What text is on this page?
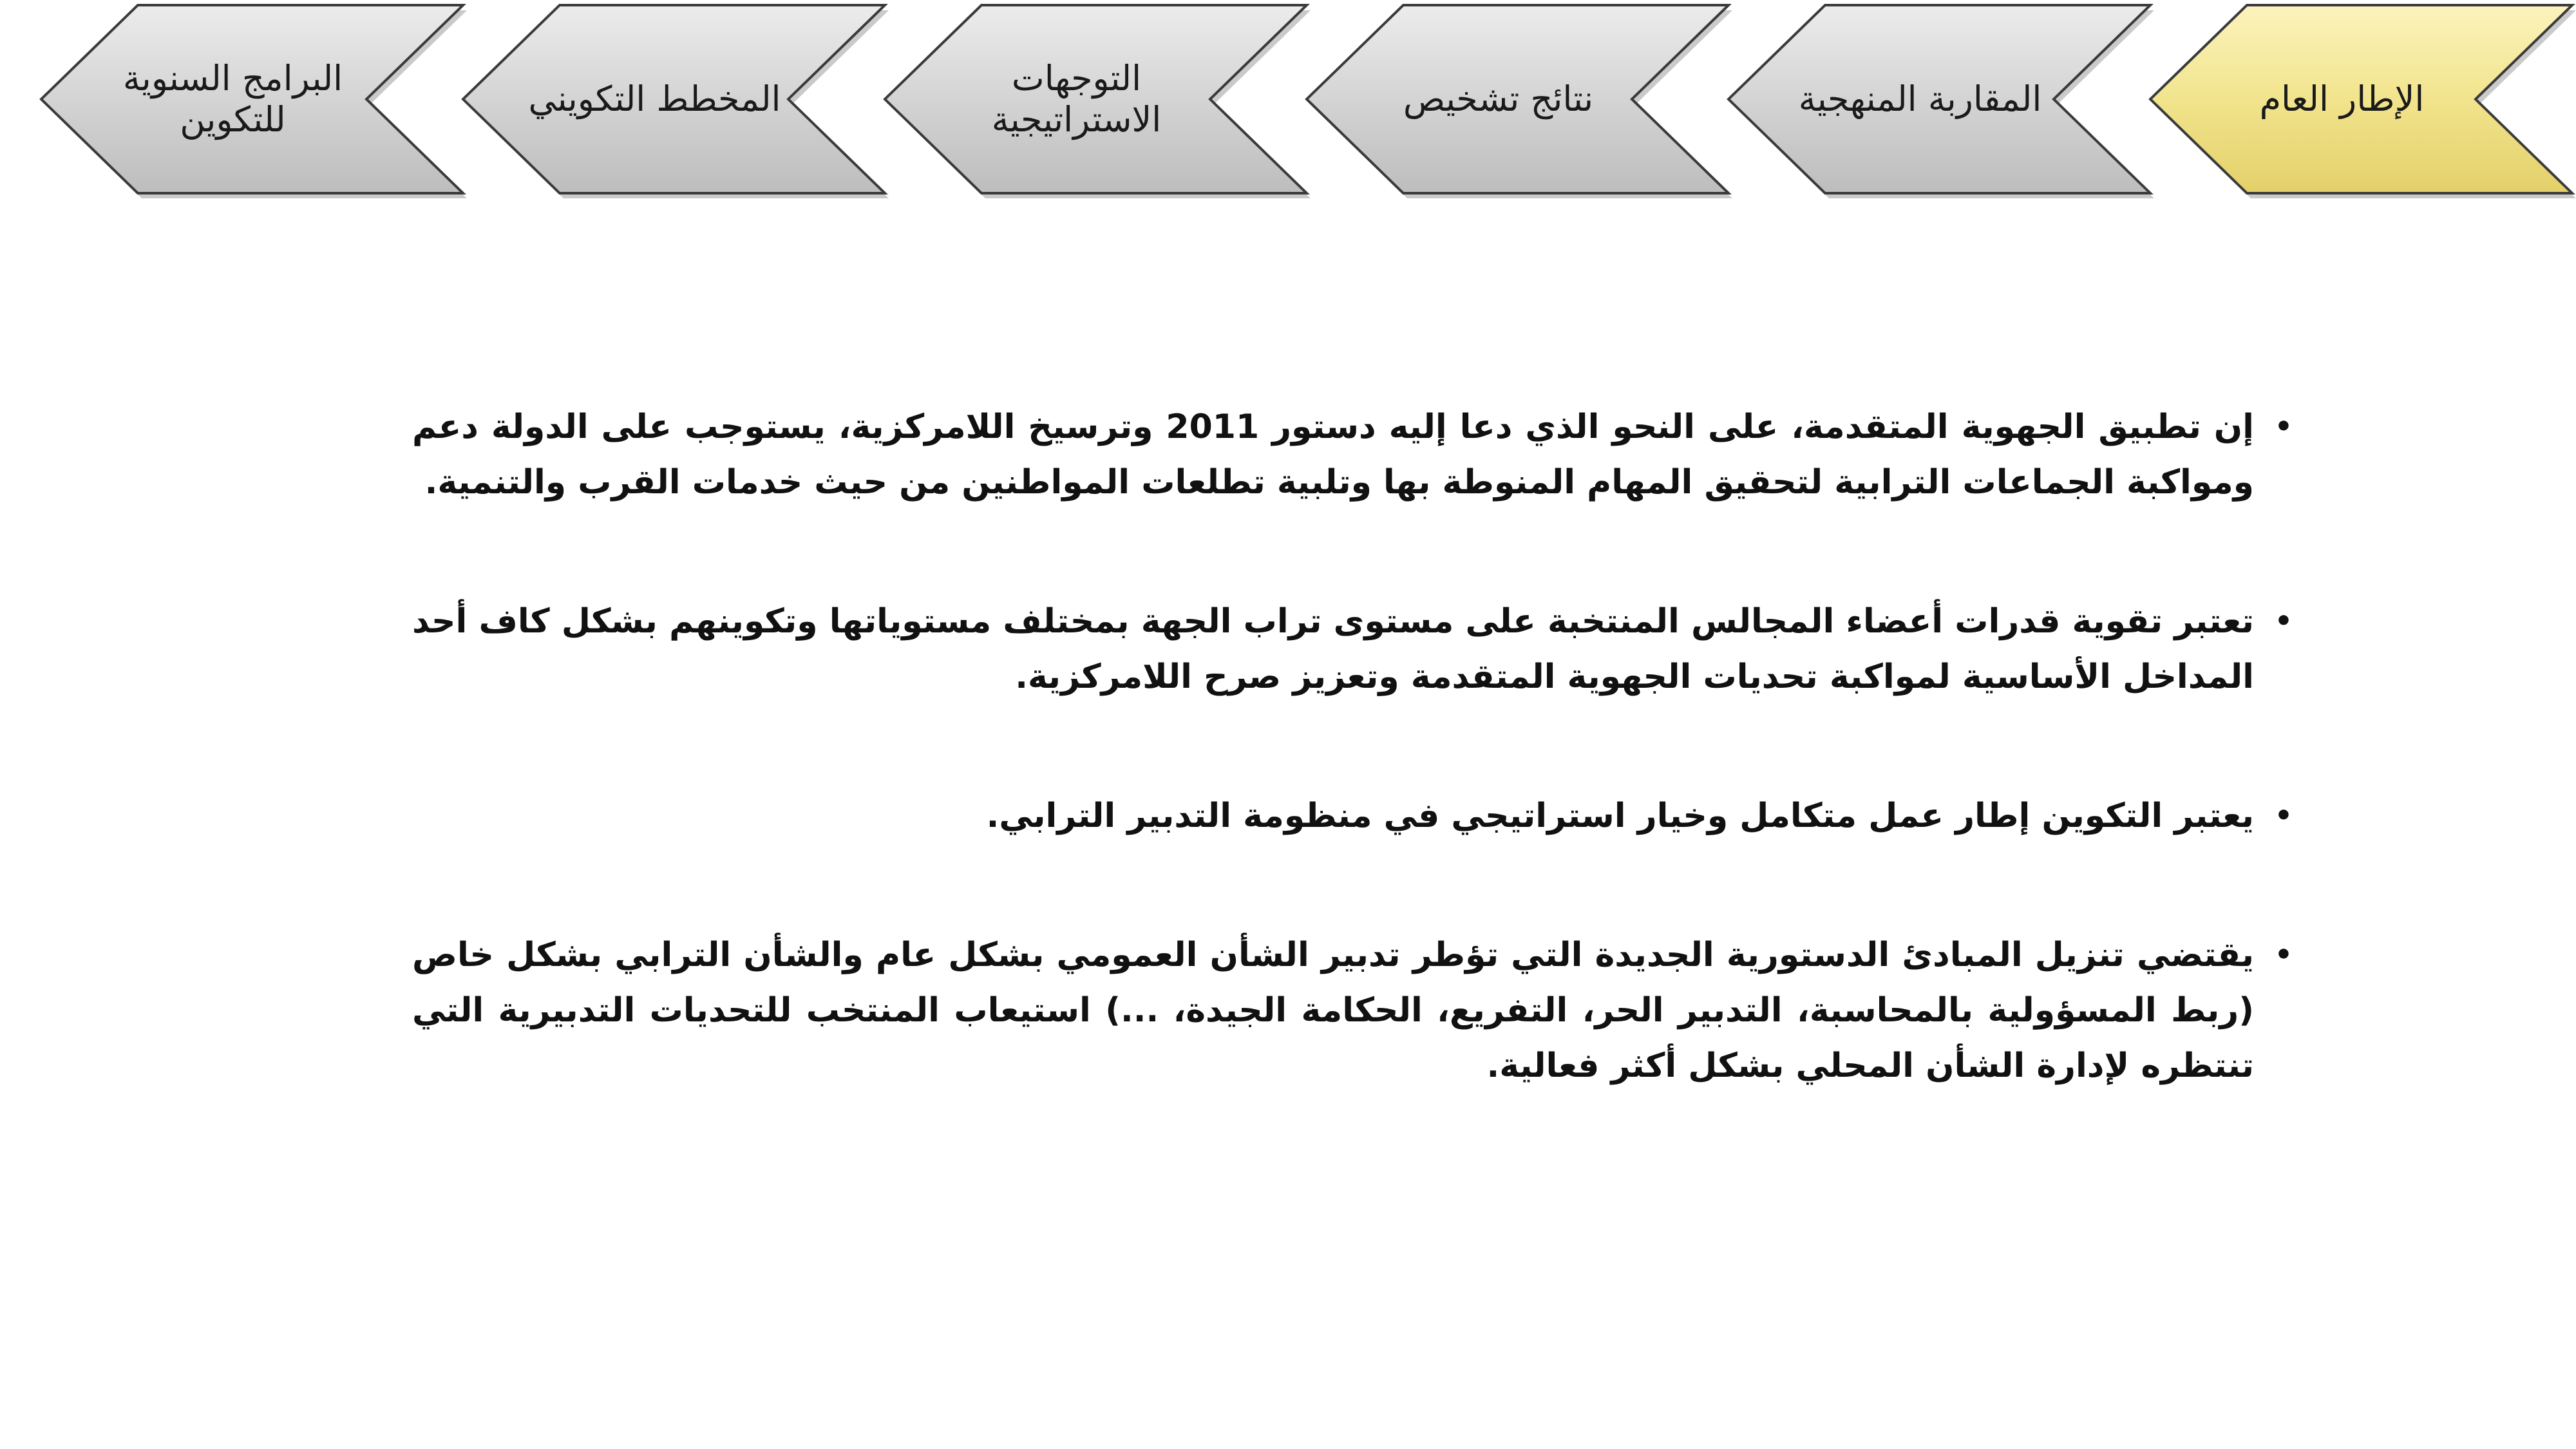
الإطار العام
المقاربة المنهجية
نتائج تشخيص
التوجهات
الاستراتيجية
المخطط التكويني
البرامج السنوية
للتكوين

•
إن تطبيق الجهوية المتقدمة، على النحو الذي دعا إليه دستور 2011 وترسيخ اللامركزية، يستوجب على الدولة دعم ومواكبة الجماعات الترابية لتحقيق المهام المنوطة بها وتلبية تطلعات المواطنين من حيث خدمات القرب والتنمية.

•
تعتبر تقوية قدرات أعضاء المجالس المنتخبة على مستوى تراب الجهة بمختلف مستوياتها وتكوينهم بشكل كاف أحد المداخل الأساسية لمواكبة تحديات الجهوية المتقدمة وتعزيز صرح اللامركزية.

•
يعتبر التكوين إطار عمل متكامل وخيار استراتيجي في منظومة التدبير الترابي.

•
يقتضي تنزيل المبادئ الدستورية الجديدة التي تؤطر تدبير الشأن العمومي بشكل عام والشأن الترابي بشكل خاص (ربط المسؤولية بالمحاسبة، التدبير الحر، التفريع، الحكامة الجيدة، ...) استيعاب المنتخب للتحديات التدبيرية التي تنتظره لإدارة الشأن المحلي بشكل أكثر فعالية.
